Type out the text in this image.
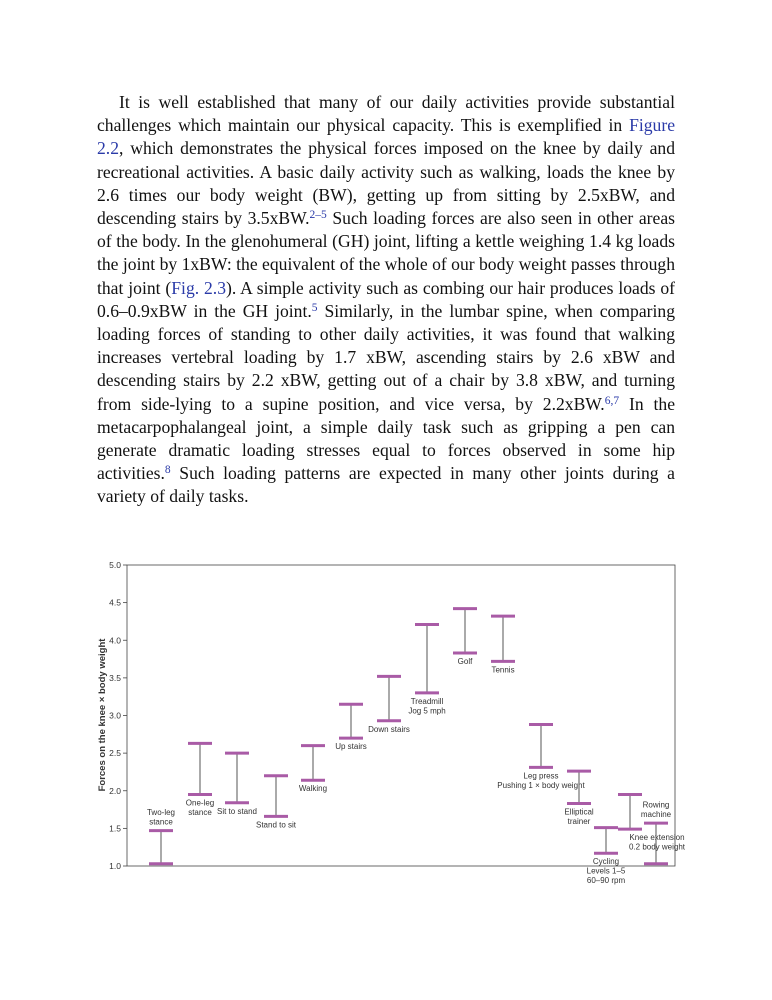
It is well established that many of our daily activities provide substantial challenges which maintain our physical capacity. This is exemplified in Figure 2.2, which demonstrates the physical forces imposed on the knee by daily and recreational activities. A basic daily activity such as walking, loads the knee by 2.6 times our body weight (BW), getting up from sitting by 2.5xBW, and descending stairs by 3.5xBW.$^{2-5}$ Such loading forces are also seen in other areas of the body. In the glenohumeral (GH) joint, lifting a kettle weighing 1.4 kg loads the joint by 1xBW: the equivalent of the whole of our body weight passes through that joint (Fig. 2.3). A simple activity such as combing our hair produces loads of 0.6–0.9xBW in the GH joint.$^5$ Similarly, in the lumbar spine, when comparing loading forces of standing to other daily activities, it was found that walking increases vertebral loading by 1.7 xBW, ascending stairs by 2.6 xBW and descending stairs by 2.2 xBW, getting out of a chair by 3.8 xBW, and turning from side-lying to a supine position, and vice versa, by 2.2xBW.$^{6,7}$ In the metacarpophalangeal joint, a simple daily task such as gripping a pen can generate dramatic loading stresses equal to forces observed in some hip activities.$^8$ Such loading patterns are expected in many other joints during a variety of daily tasks.

Forces on the knee × body weight
1.0
1.5
2.0
2.5
3.0
3.5
4.0
4.5
5.0
Two-leg stance
One-leg stance Sit to stand
Stand to sit
Walking
Up stairs
Down stairs
Treadmill Jog 5 mph
Golf
Tennis
Leg press Pushing 1 × body weight
Elliptical trainer
Cycling Levels 1–5 60–90 rpm
Knee extension 0.2 body weight
Rowing machine
